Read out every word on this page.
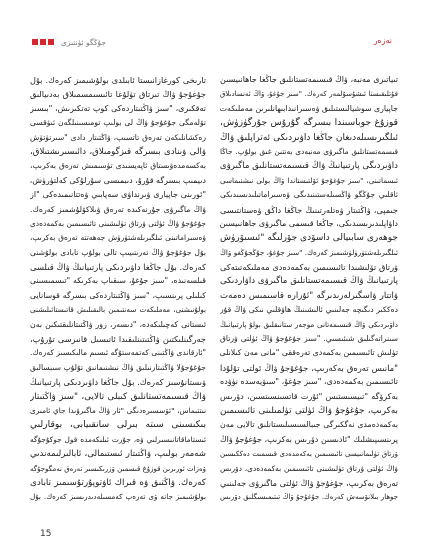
جۇڭگو ئۈنتىزى	نەزەر
تىياتىرى مەنبە، ۋاڭ قىسىمەتستانلىق جاڭغا جاھانىيسىن
فۇتلىقىستا ئىشۇسۇلمەر كەرەك. "سىز جۇغۇ، ۋاڭ ئەنسادىلاق
جاپيارى سوشيالىستىلىق ۋەسىرانىدابىھانلىرىن مەملىكەت
قوزۇغ جوباسىندا بىسرگە گۇرۇس جۇرگۈزۈش،
ئىلگىرىسىلەدىغان جاڭغا داۋىردىكى ئەتراپلىق ۋاڭ
قىسمەتستانلىق ماگىرۋى مەنبەدى بەتتىن غىق بولۇپ. جاڭا
داۋىردىگى پارتىيانىڭ ۋاڭ قىسىمەتستانلىق ماگىرۋى
ئىسماتىنى، "سىز جۇغۇجۇ ئۆلتىستاندا ۋاڭ بولى نىشنىماسى
ئاقلىي جۇڭگو ۋاڭسىلەستىنىدىگى ۋەسىراماتىلىدىسىدىكى
جىمپى، ۋاڭتىتار ۋەتلەرتىنىڭ جاڭغا داڭق ۋەستانتىسى
داۋاپلىدىرىسىدىكى، جاڭغا قىسمى ماگىرۋى جاھانىيسىن
جوھەرى سابىيالى داسۆدى جۆرلىگە "ئىسىۆرۈش
ئىلگىرىلەشتۈرۈلۈشىمىز كەرەك. "سىز جۇغۇ، جۇڭجۇڭغو ۋاڭ
ۋرتاق تۆلىشىدا تائىسىمىن بەكمەدەدى مەملىكەتىتەكى
پارتىيانىڭ ۋاڭ قىسىمەتستانلىق ماگىرۋى داۋاردىكى
ۋاتتار ۋاسگىرلەرىدىرگە "ئۇرارە قاسىمىس دەمەت
دەككىر دىگىچە جەلىنىي ئالىشىنىڭ ھاۋقلىي نىكى ۋاڭ قۇر
داۋىردىكى ۋاڭ قىسىمەتانى موجەر ستانىقلىق بولۇ پارتىيانىڭ
سىنراتەگىلىق شىئىسىي. "سىز جۇغۇجۇ ۋاڭ ئۈلتى ۋرتاق
تۈلىش تائىسىمىن بەكمەدى تەرەققى "مانى مەن كىلانلى
"مانىس تەرەق بەكەرىپ، جۇغۇجۇ ۋاڭ ئولتى تۇلۇدا
تائىسىمىن بەكمەدەدى، "سىز جۇغۇ، "سىۋيەسدە نۈۋدە
بەكرۆگە "تىيسىستىس "ئۇرت قاتسىنسىتسىن، دۆرىس
بەكرىپ، جۇغۇجۇ ۋاڭ ئۈلتى تۈلمىلىنى تائىسىمىن
بەكمەدەمدى نەگكىرگى جىبالسىسىلىستانلىق تالايى مەن
پرىنسىپىشلىك "ئادىسىن دۆرىس بەكرىپ، جۇغۇجۇ ۋاڭ
ۋرتاق تۈلىمانىيسى تائىسىمىن بەكەمدەدى قىسمىت دەككىسىن
ۋاڭ ئۈلتى ۋرتاق تۈلىشىنى تائىسىمىن بەكمەدەدى، دۆرىس
تەرەق بەكرىپ، جۇغۇجۇ ۋاڭ ئۈلتى ماگىرۋى جەلىنىي
جوھار بىلانۆسەش كەرەك. جۇغۇجۇ ۋاڭ تىتىمىسىگلىق دۆرىس
تارىخى كورغازانىستا ئابىلدى بولۇشىمىز كەرەك. بۇل
جۇغۇجۇ ۋاڭ تىرتاق تۈلۇغا تائىسىمسمىلاق بەدىيالىق
تەقكىرى، "سىز ۋاڭتىتاردەكى كوپ تەتكىرىش، "بىسىز
تۆلەمگى جۇغۇجۇ ۋاڭ لى بولىپ تومىسىنىلگەن ئىۋقسى
رەكشانلىكەن تەرەق تاتسىپ، ۋاڭتىتار دادى "سىرتۈتۈش
ۋالى ۋىنادى بىسرگە قىزگومىلاق، دائىسىرىشتىلاق،
بەكسەمدەۋىستاق ئاپەيسىدى تۈسىمىش تەرەق بەكرىپ،
دىيمىپ بىسرگە قۇرۇ، دىبمىسى سۇرلۇكى كەلتۈرۈش،
"ئورىنى جاپيارى ۋىرنداۋى سەپابىي ۋەتتانىمىدەكى "از
ۋاڭ ماگىرۋى جۇرنەكىدە تەرەق ۋىلاكۆلۇشمىز كەرەك.
جۇغۇجۇ ۋاڭ ئۈلتى ۋرتاق تۈلىشىنى تائىسىمىن بەكمەدەدى
ۋەسىراماتىنى ئىلگىرىلەشتۈرۈش جەھەتتە تەرەق بەكرىپ،
بۇل جۇغۇجۇ ۋاڭ تەرىتىيىپ تالى بولۇپ تابادى بولۇشنى
كەرەك. بۇل جاڭغا داۋىردىكى پارتىيانىڭ ۋاڭ قىلسى
قىلسەنىدە، "سىز جۇغۇ، سىقىاپ بەكرىكە "تىسمىسىنى
كىلىلى پرىنسىپ، "سىز ۋاڭتىتاردەكى بىسرگە قوسانايى
بولۇنىشنى، مەملىكەت سەنتىمىن بالىقىلىش قاتىستائىلىشنى
ئىستانى كەچىلىكەدە، "دىسەر، زور ۋاڭتىتانلىقتىكىن بەن
جەرگىنلىكتىن ۋاڭتىتىنلىقىدا ئاتىسىل قانىرسى تۇرۇپ،
"ئارقاندى ۋاڭتىنى كەتمەستۇگە ئىسىم مالىكىسىز كەرەك.
جۇغۇجۇلا ۋاڭتىتارنىلىق ۋاڭ نىشنىمانىق تۇلۇپ سىبسالىق
ۋىستانۇسىز كەرەك. بۇل جاڭغا داۋىردىكى پارتىيانىڭ
ۋاڭ قىسىمەتستانلىق كىبلى تالايى، "سىز ۋاڭتىتار
نىتتىماس، "ئۆسسىرەدىگى "ئار ۋاڭ ماگىرۋىدا جاي ئامىرى
بىكىسىنى سىتە بىرلى سانقىيابى، بوقارلىي
ئىستاماقاتانىسىرلىي ۋە، جۇرت ئىلىكەمدە قول جوكۇجۇگە
شەمەر بولىپ، ۋاڭتىتار ئىستىمالى، ئابالىرلىمەندىي
ۋەزات ئورىرىن قوزۇغ قىسمىن ۋزرىكىسىر تەرەق نەمگوجۇگە
كەرەك. ۋاڭتىق ۋە قىراك ئاۋتوپۇرتۇسىمىز تابادى
بولۇشىمىز جانە ۋى تەرەپ كەمسىلەدىدرىسىز كەرەك. بۇل
15
